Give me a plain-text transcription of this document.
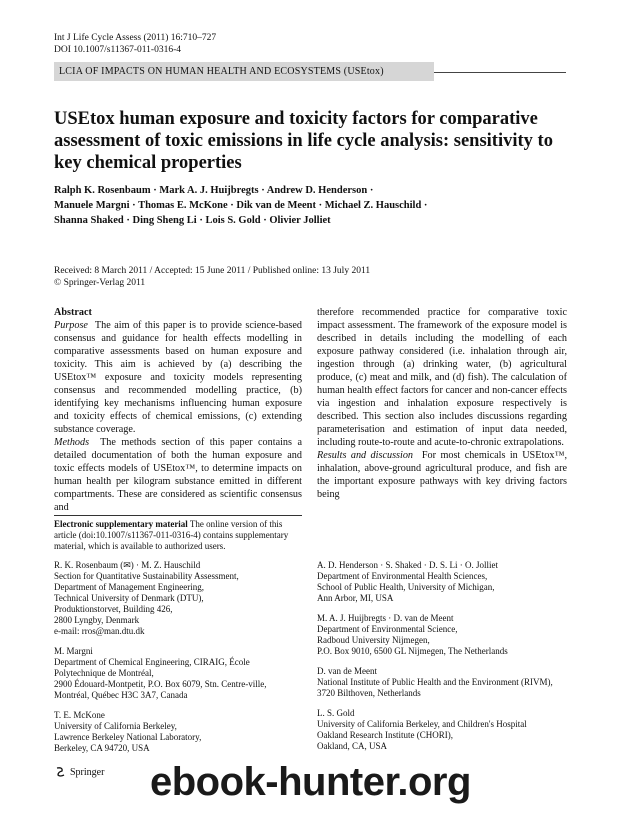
Int J Life Cycle Assess (2011) 16:710–727
DOI 10.1007/s11367-011-0316-4
LCIA OF IMPACTS ON HUMAN HEALTH AND ECOSYSTEMS (USEtox)
USEtox human exposure and toxicity factors for comparative assessment of toxic emissions in life cycle analysis: sensitivity to key chemical properties
Ralph K. Rosenbaum · Mark A. J. Huijbregts · Andrew D. Henderson ·
Manuele Margni · Thomas E. McKone · Dik van de Meent · Michael Z. Hauschild ·
Shanna Shaked · Ding Sheng Li · Lois S. Gold · Olivier Jolliet
Received: 8 March 2011 / Accepted: 15 June 2011 / Published online: 13 July 2011
© Springer-Verlag 2011
Abstract

Purpose The aim of this paper is to provide science-based consensus and guidance for health effects modelling in comparative assessments based on human exposure and toxicity. This aim is achieved by (a) describing the USEtox™ exposure and toxicity models representing consensus and recommended modelling practice, (b) identifying key mechanisms influencing human exposure and toxicity effects of chemical emissions, (c) extending substance coverage.

Methods The methods section of this paper contains a detailed documentation of both the human exposure and toxic effects models of USEtox™, to determine impacts on human health per kilogram substance emitted in different compartments. These are considered as scientific consensus and

therefore recommended practice for comparative toxic impact assessment. The framework of the exposure model is described in details including the modelling of each exposure pathway considered (i.e. inhalation through air, ingestion through (a) drinking water, (b) agricultural produce, (c) meat and milk, and (d) fish). The calculation of human health effect factors for cancer and non-cancer effects via ingestion and inhalation exposure respectively is described. This section also includes discussions regarding parameterisation and estimation of input data needed, including route-to-route and acute-to-chronic extrapolations.

Results and discussion For most chemicals in USEtox™, inhalation, above-ground agricultural produce, and fish are the important exposure pathways with key driving factors being

Electronic supplementary material The online version of this article (doi:10.1007/s11367-011-0316-4) contains supplementary material, which is available to authorized users.
R. K. Rosenbaum (✉) · M. Z. Hauschild
Section for Quantitative Sustainability Assessment,
Department of Management Engineering,
Technical University of Denmark (DTU),
Produktionstorvet, Building 426,
2800 Lyngby, Denmark
e-mail: rros@man.dtu.dk
M. Margni
Department of Chemical Engineering, CIRAIG, École
Polytechnique de Montréal,
2900 Édouard-Montpetit, P.O. Box 6079, Stn. Centre-ville,
Montréal, Québec H3C 3A7, Canada
T. E. McKone
University of California Berkeley,
Lawrence Berkeley National Laboratory,
Berkeley, CA 94720, USA
A. D. Henderson · S. Shaked · D. S. Li · O. Jolliet
Department of Environmental Health Sciences,
School of Public Health, University of Michigan,
Ann Arbor, MI, USA
M. A. J. Huijbregts · D. van de Meent
Department of Environmental Science,
Radboud University Nijmegen,
P.O. Box 9010, 6500 GL Nijmegen, The Netherlands
D. van de Meent
National Institute of Public Health and the Environment (RIVM),
3720 Bilthoven, Netherlands
L. S. Gold
University of California Berkeley, and Children's Hospital
Oakland Research Institute (CHORI),
Oakland, CA, USA
Springer ebook-hunter.org
